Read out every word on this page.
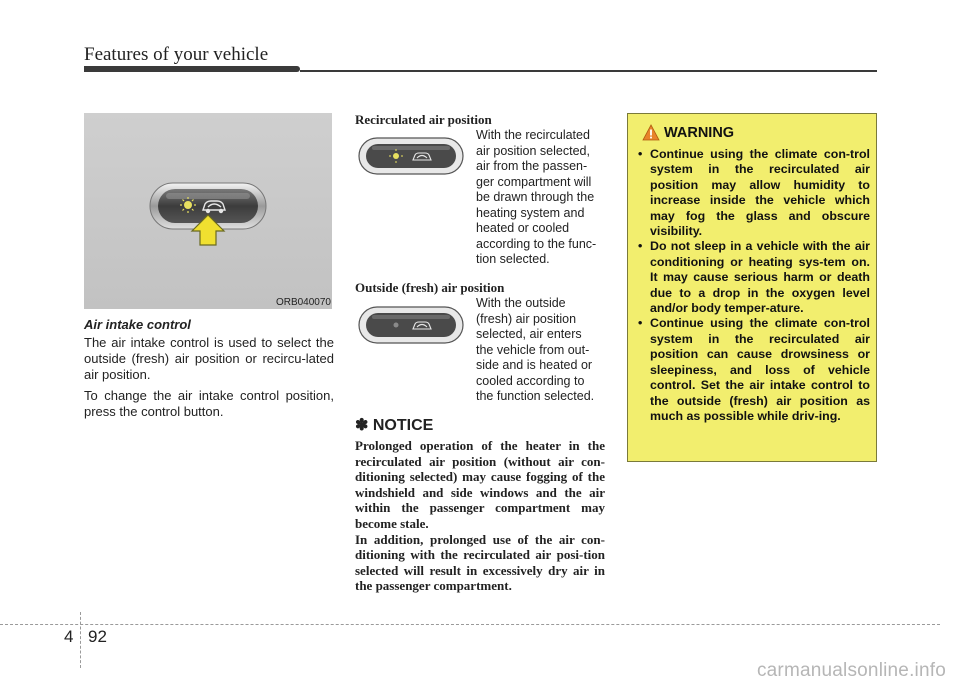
Features of your vehicle
ORB040070
Air intake control
The air intake control is used to select the outside (fresh) air position or recircu-lated air position.
To change the air intake control position, press the control button.
Recirculated air position
With the recirculated
air position selected,
air from the passen-
ger compartment will
be drawn through the
heating system and
heated or cooled
according to the func-
tion selected.
Outside (fresh) air position
With the outside
(fresh) air position
selected, air enters
the vehicle from out-
side and is heated or
cooled according to
the function selected.
✽ NOTICE

Prolonged operation of the heater in the recirculated air position (without air con-ditioning selected) may cause fogging of the windshield and side windows and the air within the passenger compartment may become stale.

In addition, prolonged use of the air con-ditioning with the recirculated air posi-tion selected will result in excessively dry air in the passenger compartment.

WARNING
• Continue using the climate con-trol system in the recirculated air position may allow humidity to increase inside the vehicle which may fog the glass and obscure visibility.
• Do not sleep in a vehicle with the air conditioning or heating sys-tem on. It may cause serious harm or death due to a drop in the oxygen level and/or body temper-ature.
• Continue using the climate con-trol system in the recirculated air position can cause drowsiness or sleepiness, and loss of vehicle control. Set the air intake control to the outside (fresh) air position as much as possible while driv-ing.
4 92
carmanualsonline.info
